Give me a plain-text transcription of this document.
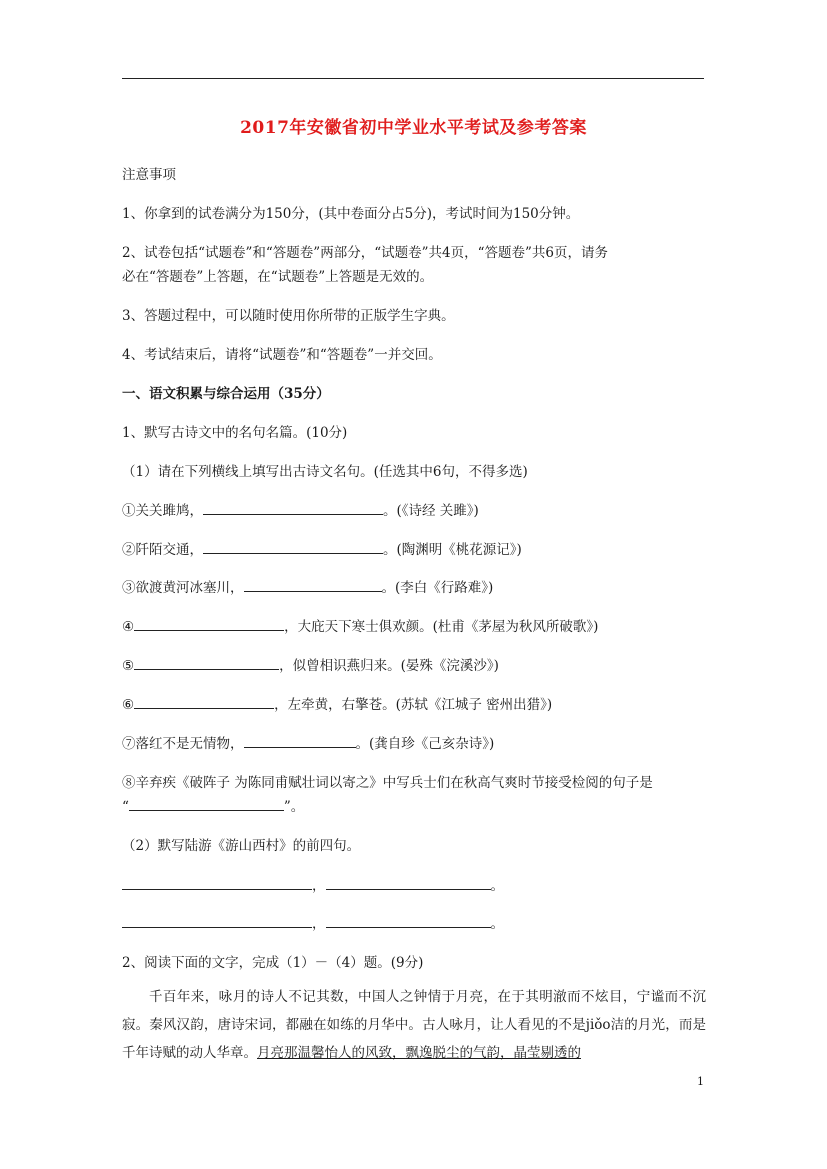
2017年安徽省初中学业水平考试及参考答案
注意事项
1、你拿到的试卷满分为150分，(其中卷面分占5分)，考试时间为150分钟。
2、试卷包括“试题卷”和“答题卷”两部分，“试题卷”共4页，“答题卷”共6页，请务
必在“答题卷”上答题，在“试题卷”上答题是无效的。
3、答题过程中，可以随时使用你所带的正版学生字典。
4、考试结束后，请将“试题卷”和“答题卷”一并交回。
一、语文积累与综合运用（35分）
1、默写古诗文中的名句名篇。(10分)
（1）请在下列横线上填写出古诗文名句。(任选其中6句，不得多选)
①关关雎鸠，	。(《诗经 关雎》)
②阡陌交通，	。(陶渊明《桃花源记》)
③欲渡黄河冰塞川，	。(李白《行路难》)
④	，大庇天下寒士俱欢颜。(杜甫《茅屋为秋风所破歌》)
⑤	，似曾相识燕归来。(晏殊《浣溪沙》)
⑥	，左牵黄，右擎苍。(苏轼《江城子 密州出猎》)
⑦落红不是无情物，	。(龚自珍《己亥杂诗》)
⑧辛弃疾《破阵子 为陈同甫赋壮词以寄之》中写兵士们在秋高气爽时节接受检阅的句子是
“	”。
（2）默写陆游《游山西村》的前四句。
，	。
，	。
2、阅读下面的文字，完成（1）－（4）题。(9分)
千百年来，咏月的诗人不记其数，中国人之钟情于月亮，在于其明澈而不炫目，宁谧而不沉寂。秦风汉韵，唐诗宋词，都融在如练的月华中。古人咏月，让人看见的不是jiǒo洁的月光，而是千年诗赋的动人华章。月亮那温馨怡人的风致，飘逸脱尘的气韵，晶莹剔透的
1
